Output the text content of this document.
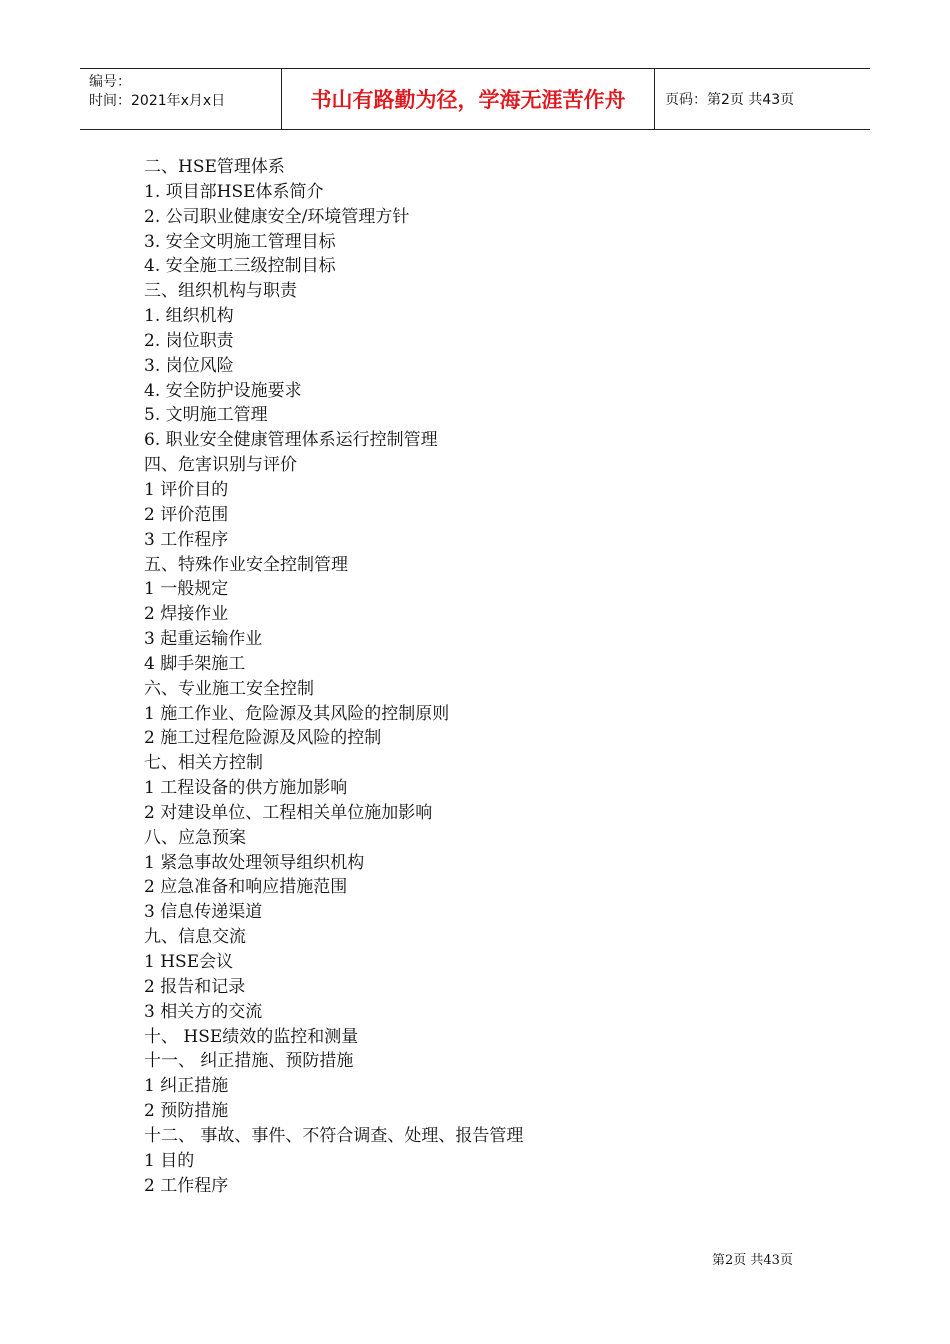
编号：
时间：2021年x月x日	书山有路勤为径，学海无涯苦作舟	页码：第2页 共43页
二、HSE管理体系
1. 项目部HSE体系简介
2. 公司职业健康安全/环境管理方针
3. 安全文明施工管理目标
4. 安全施工三级控制目标
三、组织机构与职责
1. 组织机构
2. 岗位职责
3. 岗位风险
4. 安全防护设施要求
5. 文明施工管理
6. 职业安全健康管理体系运行控制管理
四、危害识别与评价
1 评价目的
2 评价范围
3 工作程序
五、特殊作业安全控制管理
1 一般规定
2 焊接作业
3 起重运输作业
4 脚手架施工
六、专业施工安全控制
1 施工作业、危险源及其风险的控制原则
2 施工过程危险源及风险的控制
七、相关方控制
1 工程设备的供方施加影响
2 对建设单位、工程相关单位施加影响
八、应急预案
1 紧急事故处理领导组织机构
2 应急准备和响应措施范围
3 信息传递渠道
九、信息交流
1 HSE会议
2 报告和记录
3 相关方的交流
十、 HSE绩效的监控和测量
十一、 纠正措施、预防措施
1 纠正措施
2 预防措施
十二、 事故、事件、不符合调查、处理、报告管理
1 目的
2 工作程序
第2页 共43页
